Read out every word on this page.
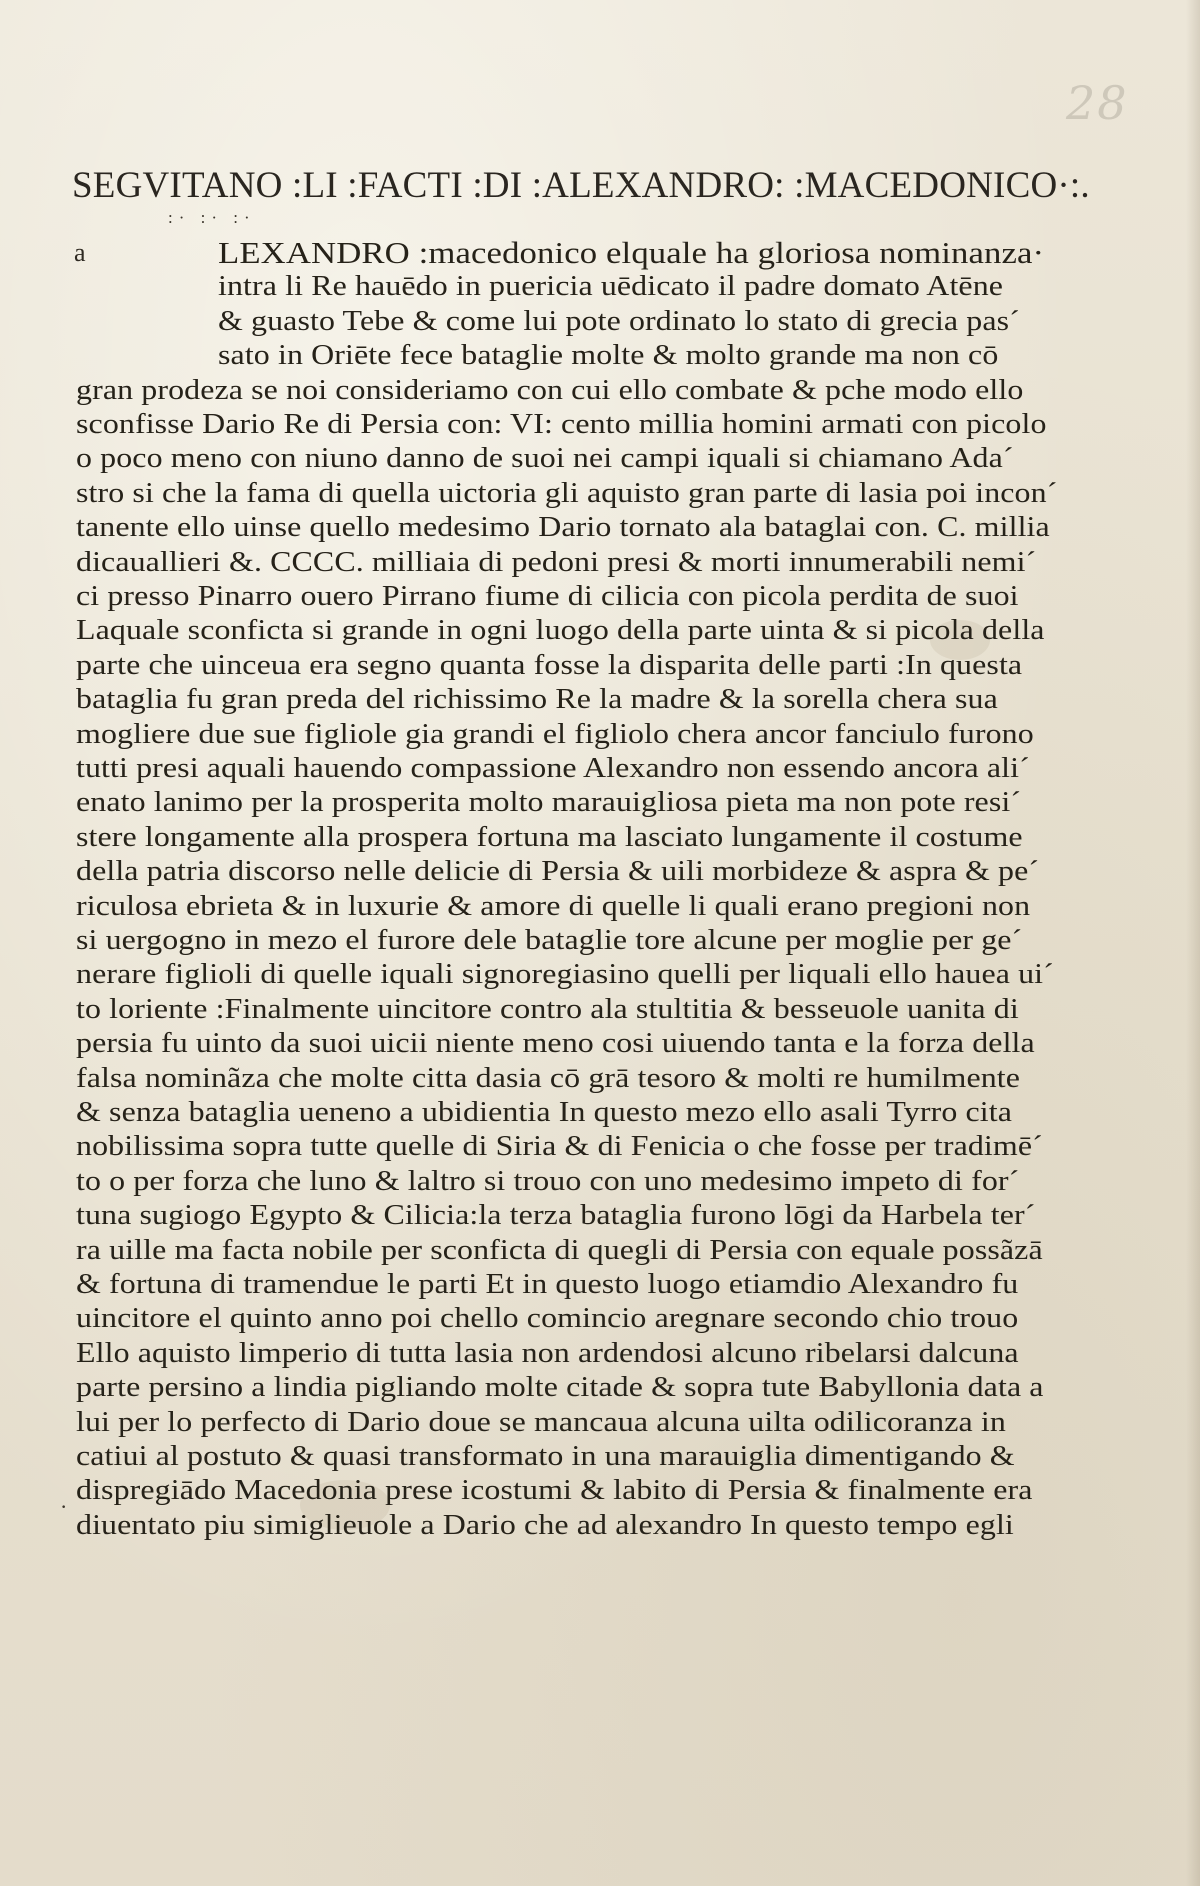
28
SEGVITANO :LI :FACTI :DI :ALEXANDRO: :MACEDONICO·:.
:· :· :·
a
·
LEXANDRO :macedonico elquale ha gloriosa nominanza·
intra li Re hauēdo in puericia uēdicato il padre domato Atēne
& guasto Tebe & come lui pote ordinato lo stato di grecia pas´
sato in Oriēte fece bataglie molte & molto grande ma non cō
gran prodeza se noi consideriamo con cui ello combate & pche modo ello
sconfisse Dario Re di Persia con: VI: cento millia homini armati con picolo
o poco meno con niuno danno de suoi nei campi iquali si chiamano Ada´
stro si che la fama di quella uictoria gli aquisto gran parte di lasia poi incon´
tanente ello uinse quello medesimo Dario tornato ala bataglai con. C. millia
dicauallieri &. CCCC. milliaia di pedoni presi & morti innumerabili nemi´
ci presso Pinarro ouero Pirrano fiume di cilicia con picola perdita de suoi
Laquale sconficta si grande in ogni luogo della parte uinta & si picola della
parte che uinceua era segno quanta fosse la disparita delle parti :In questa
bataglia fu gran preda del richissimo Re la madre & la sorella chera sua
mogliere due sue figliole gia grandi el figliolo chera ancor fanciulo furono
tutti presi aquali hauendo compassione Alexandro non essendo ancora ali´
enato lanimo per la prosperita molto marauigliosa pieta ma non pote resi´
stere longamente alla prospera fortuna ma lasciato lungamente il costume
della patria discorso nelle delicie di Persia & uili morbideze & aspra & pe´
riculosa ebrieta & in luxurie & amore di quelle li quali erano pregioni non
si uergogno in mezo el furore dele bataglie tore alcune per moglie per ge´
nerare figlioli di quelle iquali signoregiasino quelli per liquali ello hauea ui´
to loriente :Finalmente uincitore contro ala stultitia & besseuole uanita di
persia fu uinto da suoi uicii niente meno cosi uiuendo tanta e la forza della
falsa nominãza che molte citta dasia cō grā tesoro & molti re humilmente
& senza bataglia ueneno a ubidientia In questo mezo ello asali Tyrro cita
nobilissima sopra tutte quelle di Siria & di Fenicia o che fosse per tradimē´
to o per forza che luno & laltro si trouo con uno medesimo impeto di for´
tuna sugiogo Egypto & Cilicia:la terza bataglia furono lōgi da Harbela ter´
ra uille ma facta nobile per sconficta di quegli di Persia con equale possãzā
& fortuna di tramendue le parti Et in questo luogo etiamdio Alexandro fu
uincitore el quinto anno poi chello comincio aregnare secondo chio trouo
Ello aquisto limperio di tutta lasia non ardendosi alcuno ribelarsi dalcuna
parte persino a lindia pigliando molte citade & sopra tute Babyllonia data a
lui per lo perfecto di Dario doue se mancaua alcuna uilta odilicoranza in
catiui al postuto & quasi transformato in una marauiglia dimentigando &
dispregiādo Macedonia prese icostumi & labito di Persia & finalmente era
diuentato piu simiglieuole a Dario che ad alexandro In questo tempo egli
